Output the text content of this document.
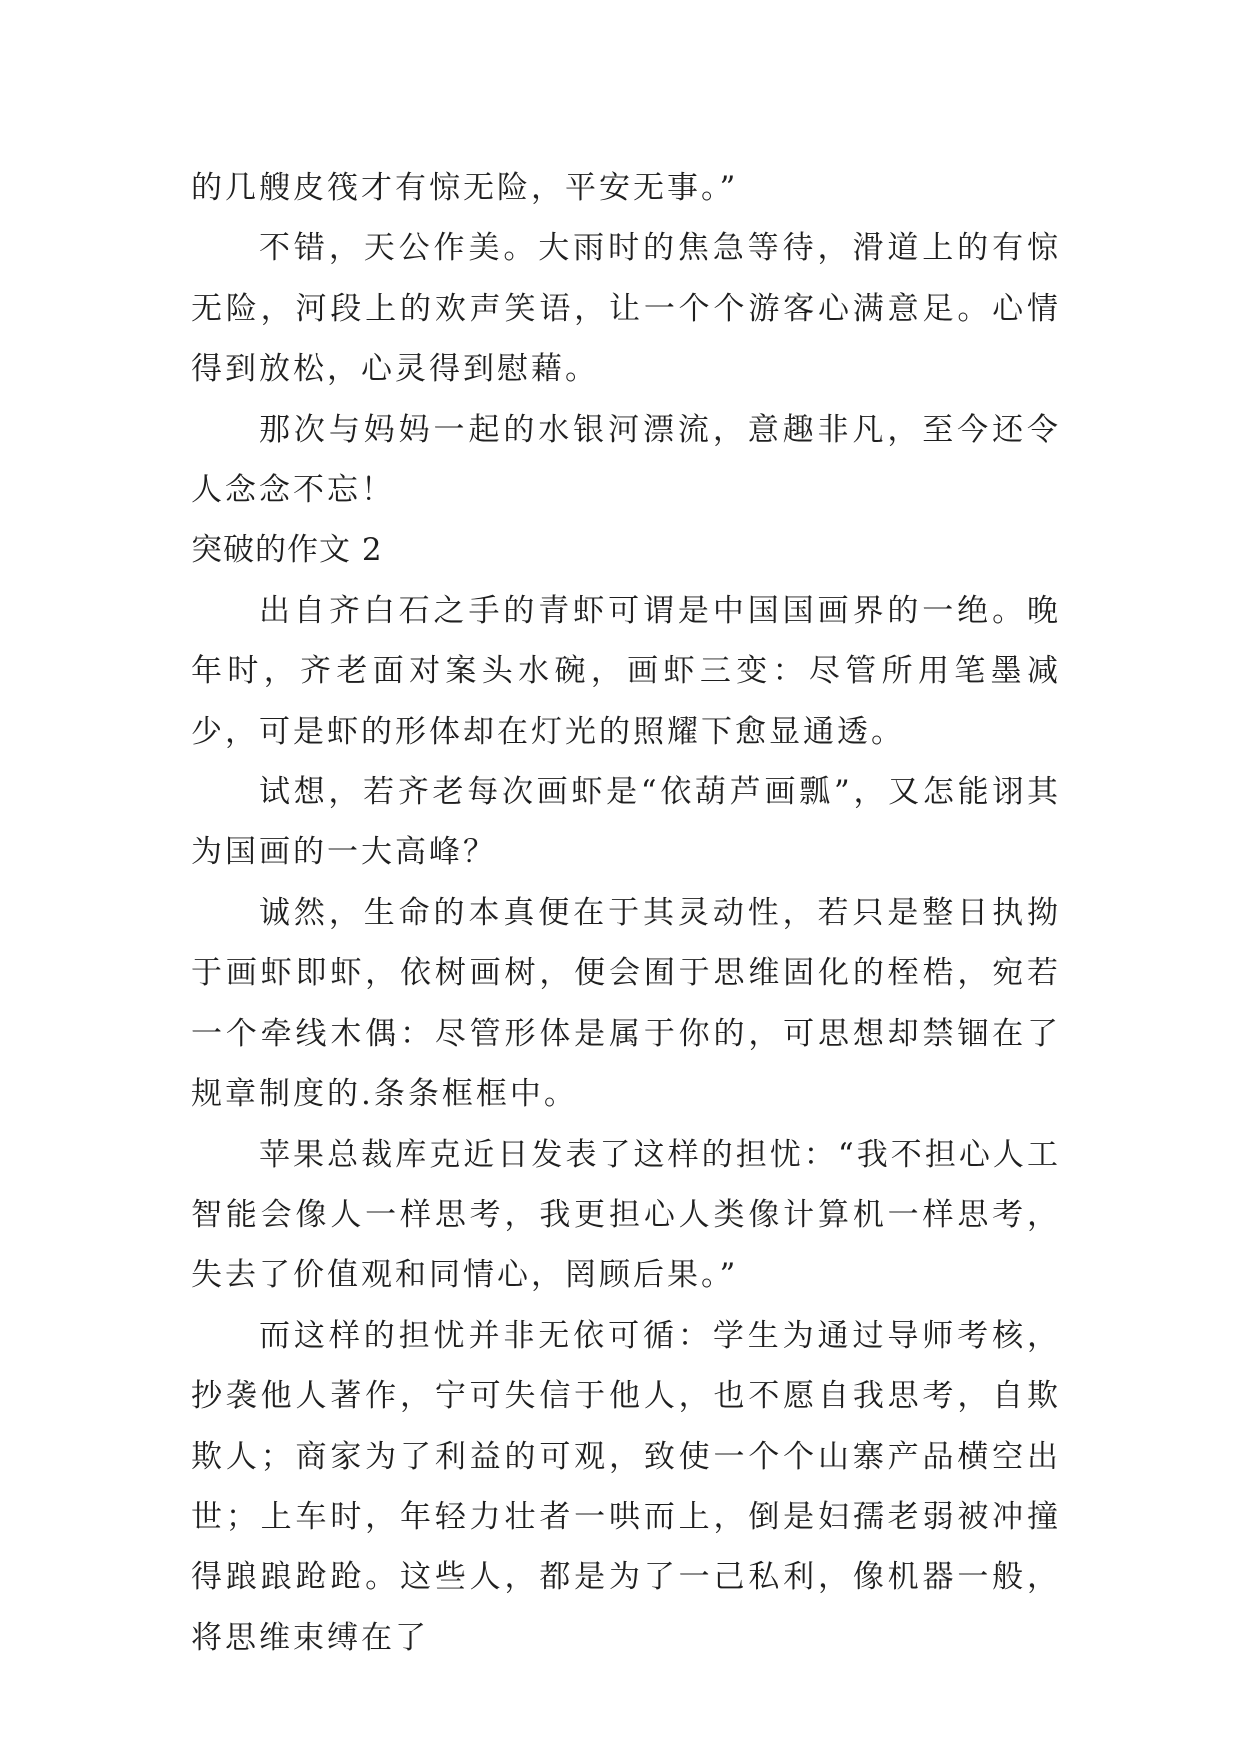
的几艘皮筏才有惊无险，平安无事。”

不错，天公作美。大雨时的焦急等待，滑道上的有惊无险，河段上的欢声笑语，让一个个游客心满意足。心情得到放松，心灵得到慰藉。

那次与妈妈一起的水银河漂流，意趣非凡，至今还令人念念不忘！

突破的作文 2

出自齐白石之手的青虾可谓是中国国画界的一绝。晚年时，齐老面对案头水碗，画虾三变：尽管所用笔墨减少，可是虾的形体却在灯光的照耀下愈显通透。

试想，若齐老每次画虾是“依葫芦画瓢”，又怎能诩其为国画的一大高峰？

诚然，生命的本真便在于其灵动性，若只是整日执拗于画虾即虾，依树画树，便会囿于思维固化的桎梏，宛若一个牵线木偶：尽管形体是属于你的，可思想却禁锢在了规章制度的.条条框框中。

苹果总裁库克近日发表了这样的担忧：“我不担心人工智能会像人一样思考，我更担心人类像计算机一样思考，失去了价值观和同情心，罔顾后果。”

而这样的担忧并非无依可循：学生为通过导师考核，抄袭他人著作，宁可失信于他人，也不愿自我思考，自欺欺人；商家为了利益的可观，致使一个个山寨产品横空出世；上车时，年轻力壮者一哄而上，倒是妇孺老弱被冲撞得踉踉跄跄。这些人，都是为了一己私利，像机器一般，将思维束缚在了
